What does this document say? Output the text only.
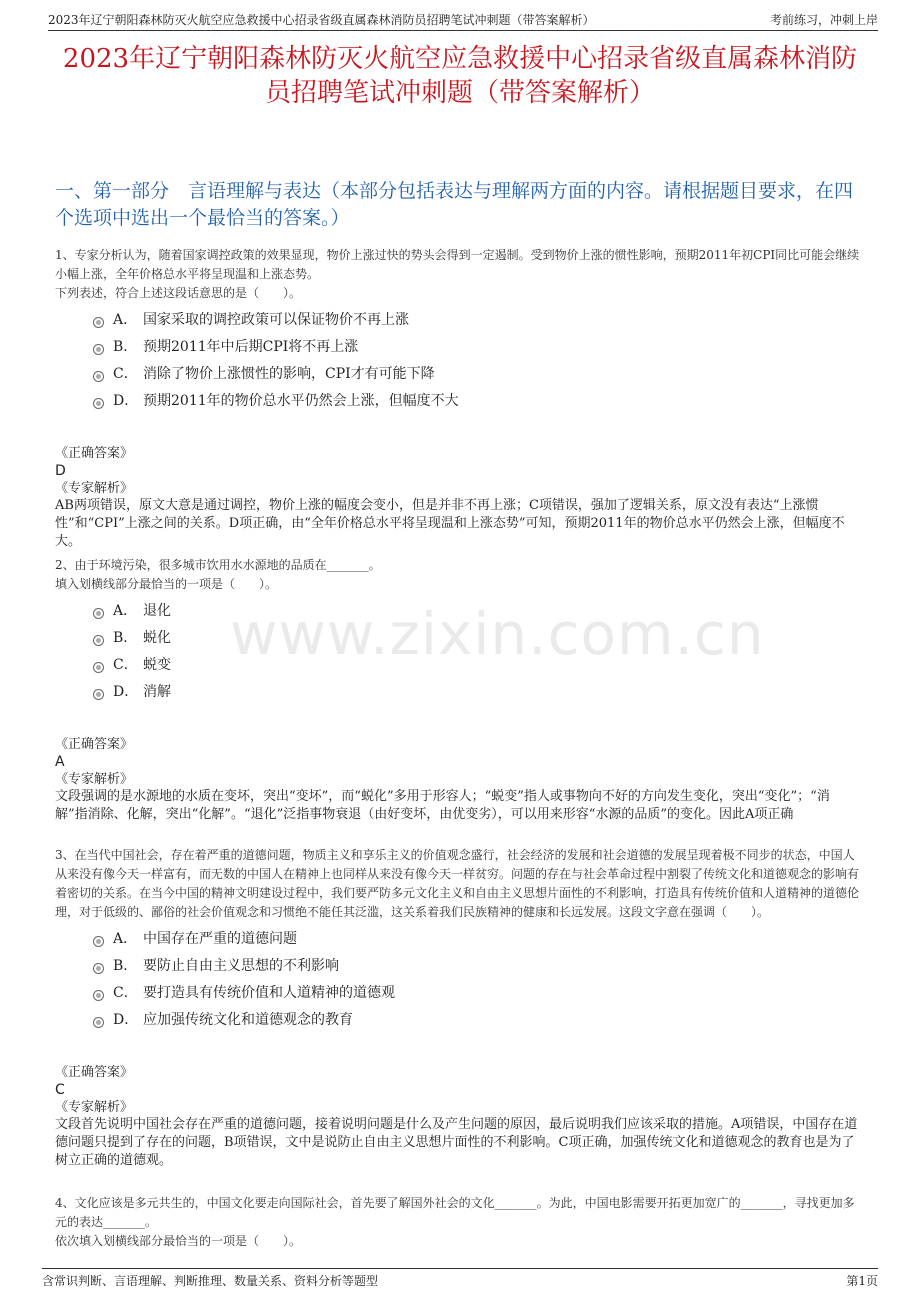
2023年辽宁朝阳森林防灭火航空应急救援中心招录省级直属森林消防员招聘笔试冲刺题（带答案解析）	考前练习，冲刺上岸
2023年辽宁朝阳森林防灭火航空应急救援中心招录省级直属森林消防员招聘笔试冲刺题（带答案解析）
一、第一部分　言语理解与表达（本部分包括表达与理解两方面的内容。请根据题目要求，在四个选项中选出一个最恰当的答案。）
www.zixin.com.cn

1、专家分析认为，随着国家调控政策的效果显现，物价上涨过快的势头会得到一定遏制。受到物价上涨的惯性影响，预期2011年初CPI同比可能会继续小幅上涨，全年价格总水平将呈现温和上涨态势。

下列表述，符合上述这段话意思的是（　　）。

A． 国家采取的调控政策可以保证物价不再上涨
B． 预期2011年中后期CPI将不再上涨
C． 消除了物价上涨惯性的影响，CPI才有可能下降
D． 预期2011年的物价总水平仍然会上涨，但幅度不大
《正确答案》
D
《专家解析》

AB两项错误，原文大意是通过调控，物价上涨的幅度会变小，但是并非不再上涨；C项错误，强加了逻辑关系，原文没有表达“上涨惯性”和“CPI”上涨之间的关系。D项正确，由“全年价格总水平将呈现温和上涨态势”可知，预期2011年的物价总水平仍然会上涨，但幅度不大。

2、由于环境污染，很多城市饮用水水源地的品质在_______。

填入划横线部分最恰当的一项是（　　）。

A． 退化
B． 蜕化
C． 蜕变
D． 消解
《正确答案》
A
《专家解析》

文段强调的是水源地的水质在变坏，突出“变坏”，而“蜕化”多用于形容人；“蜕变”指人或事物向不好的方向发生变化，突出“变化”；“消解”指消除、化解，突出“化解”。“退化”泛指事物衰退（由好变坏，由优变劣），可以用来形容“水源的品质”的变化。因此A项正确

3、在当代中国社会，存在着严重的道德问题，物质主义和享乐主义的价值观念盛行，社会经济的发展和社会道德的发展呈现着极不同步的状态，中国人从来没有像今天一样富有，而无数的中国人在精神上也同样从来没有像今天一样贫穷。问题的存在与社会革命过程中割裂了传统文化和道德观念的影响有着密切的关系。在当今中国的精神文明建设过程中，我们要严防多元文化主义和自由主义思想片面性的不利影响，打造具有传统价值和人道精神的道德伦理，对于低级的、鄙俗的社会价值观念和习惯绝不能任其泛滥，这关系着我们民族精神的健康和长远发展。这段文字意在强调（　　）。

A． 中国存在严重的道德问题
B． 要防止自由主义思想的不利影响
C． 要打造具有传统价值和人道精神的道德观
D． 应加强传统文化和道德观念的教育
《正确答案》
C
《专家解析》

文段首先说明中国社会存在严重的道德问题，接着说明问题是什么及产生问题的原因，最后说明我们应该采取的措施。A项错误，中国存在道德问题只提到了存在的问题，B项错误，文中是说防止自由主义思想片面性的不利影响。C项正确，加强传统文化和道德观念的教育也是为了树立正确的道德观。

4、文化应该是多元共生的，中国文化要走向国际社会，首先要了解国外社会的文化_______。为此，中国电影需要开拓更加宽广的_______，寻找更加多元的表达_______。

依次填入划横线部分最恰当的一项是（　　）。

含常识判断、言语理解、判断推理、数量关系、资料分析等题型	第1页
